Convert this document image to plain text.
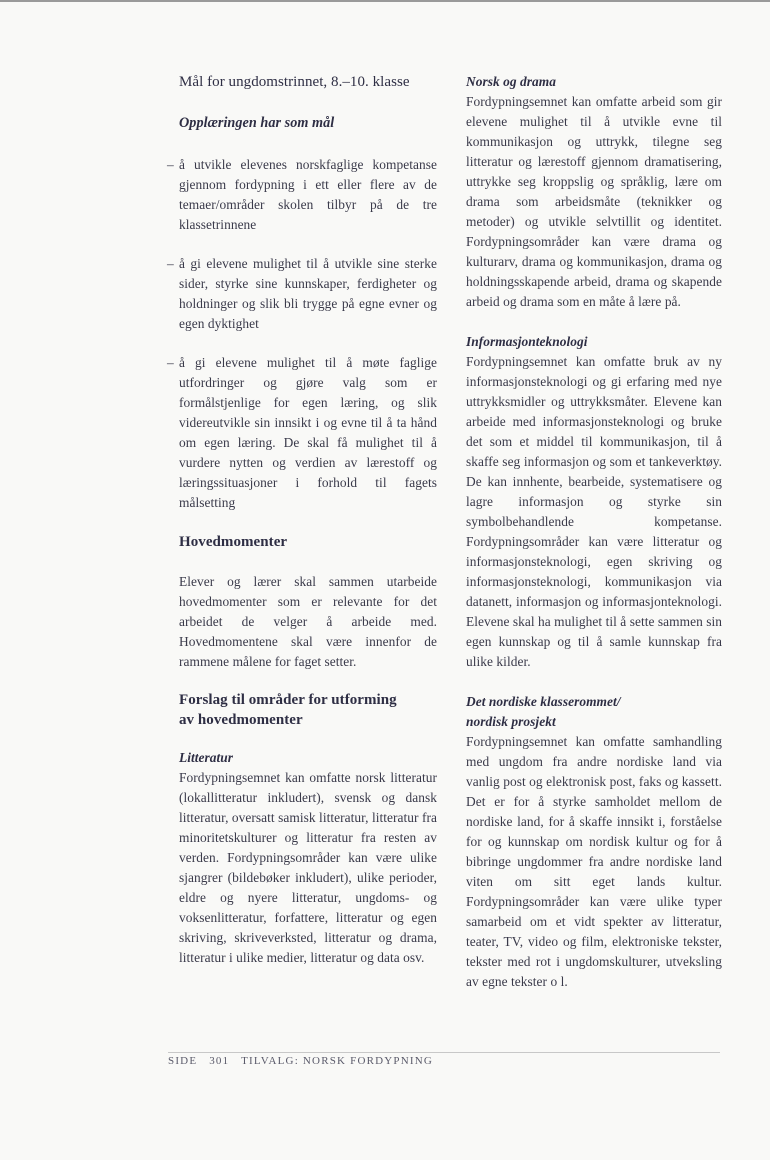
Mål for ungdomstrinnet, 8.–10. klasse
Opplæringen har som mål
– å utvikle elevenes norskfaglige kompetanse gjennom fordypning i ett eller flere av de temaer/områder skolen tilbyr på de tre klassetrinnene
– å gi elevene mulighet til å utvikle sine sterke sider, styrke sine kunnskaper, ferdigheter og holdninger og slik bli trygge på egne evner og egen dyktighet
– å gi elevene mulighet til å møte faglige utfordringer og gjøre valg som er formålstjenlige for egen læring, og slik videreutvikle sin innsikt i og evne til å ta hånd om egen læring. De skal få mulighet til å vurdere nytten og verdien av lærestoff og læringssituasjoner i forhold til fagets målsetting
Hovedmomenter

Elever og lærer skal sammen utarbeide hovedmomenter som er relevante for det arbeidet de velger å arbeide med. Hovedmomentene skal være innenfor de rammene målene for faget setter.

Forslag til områder for utforming
av hovedmomenter
Litteratur

Fordypningsemnet kan omfatte norsk litteratur (lokallitteratur inkludert), svensk og dansk litteratur, oversatt samisk litteratur, litteratur fra minoritetskulturer og litteratur fra resten av verden. Fordypningsområder kan være ulike sjangrer (bildebøker inkludert), ulike perioder, eldre og nyere litteratur, ungdoms- og voksenlitteratur, forfattere, litteratur og egen skriving, skriveverksted, litteratur og drama, litteratur i ulike medier, litteratur og data osv.

Norsk og drama

Fordypningsemnet kan omfatte arbeid som gir elevene mulighet til å utvikle evne til kommunikasjon og uttrykk, tilegne seg litteratur og lærestoff gjennom dramatisering, uttrykke seg kroppslig og språklig, lære om drama som arbeidsmåte (teknikker og metoder) og utvikle selvtillit og identitet. Fordypningsområder kan være drama og kulturarv, drama og kommunikasjon, drama og holdningsskapende arbeid, drama og skapende arbeid og drama som en måte å lære på.

Informasjonteknologi

Fordypningsemnet kan omfatte bruk av ny informasjonsteknologi og gi erfaring med nye uttrykksmidler og uttrykksmåter. Elevene kan arbeide med informasjonsteknologi og bruke det som et middel til kommunikasjon, til å skaffe seg informasjon og som et tankeverktøy. De kan innhente, bearbeide, systematisere og lagre informasjon og styrke sin symbolbehandlende kompetanse. Fordypningsområder kan være litteratur og informasjonsteknologi, egen skriving og informasjonsteknologi, kommunikasjon via datanett, informasjon og informasjonteknologi. Elevene skal ha mulighet til å sette sammen sin egen kunnskap og til å samle kunnskap fra ulike kilder.

Det nordiske klasserommet/
nordisk prosjekt

Fordypningsemnet kan omfatte samhandling med ungdom fra andre nordiske land via vanlig post og elektronisk post, faks og kassett. Det er for å styrke samholdet mellom de nordiske land, for å skaffe innsikt i, forståelse for og kunnskap om nordisk kultur og for å bibringe ungdommer fra andre nordiske land viten om sitt eget lands kultur. Fordypningsområder kan være ulike typer samarbeid om et vidt spekter av litteratur, teater, TV, video og film, elektroniske tekster, tekster med rot i ungdomskulturer, utveksling av egne tekster o l.

SIDE 301 TILVALG: NORSK FORDYPNING
